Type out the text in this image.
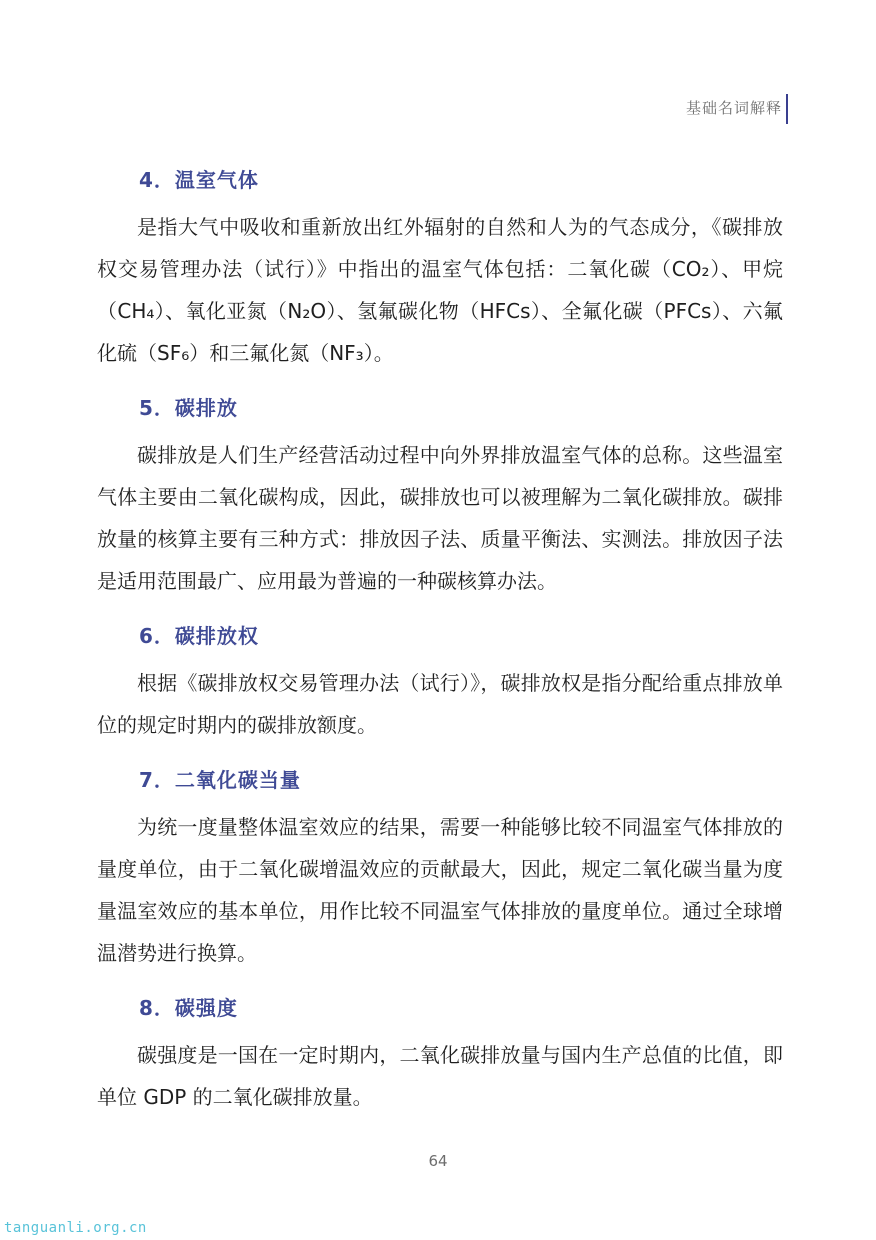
基础名词解释
4．温室气体

是指大气中吸收和重新放出红外辐射的自然和人为的气态成分，《碳排放权交易管理办法（试行）》中指出的温室气体包括：二氧化碳（CO₂）、甲烷（CH₄）、氧化亚氮（N₂O）、氢氟碳化物（HFCs）、全氟化碳（PFCs）、六氟化硫（SF₆）和三氟化氮（NF₃）。

5．碳排放

碳排放是人们生产经营活动过程中向外界排放温室气体的总称。这些温室气体主要由二氧化碳构成，因此，碳排放也可以被理解为二氧化碳排放。碳排放量的核算主要有三种方式：排放因子法、质量平衡法、实测法。排放因子法是适用范围最广、应用最为普遍的一种碳核算办法。

6．碳排放权

根据《碳排放权交易管理办法（试行）》，碳排放权是指分配给重点排放单位的规定时期内的碳排放额度。

7．二氧化碳当量

为统一度量整体温室效应的结果，需要一种能够比较不同温室气体排放的量度单位，由于二氧化碳增温效应的贡献最大，因此，规定二氧化碳当量为度量温室效应的基本单位，用作比较不同温室气体排放的量度单位。通过全球增温潜势进行换算。

8．碳强度

碳强度是一国在一定时期内，二氧化碳排放量与国内生产总值的比值，即单位 GDP 的二氧化碳排放量。

64
tanguanli.org.cn
